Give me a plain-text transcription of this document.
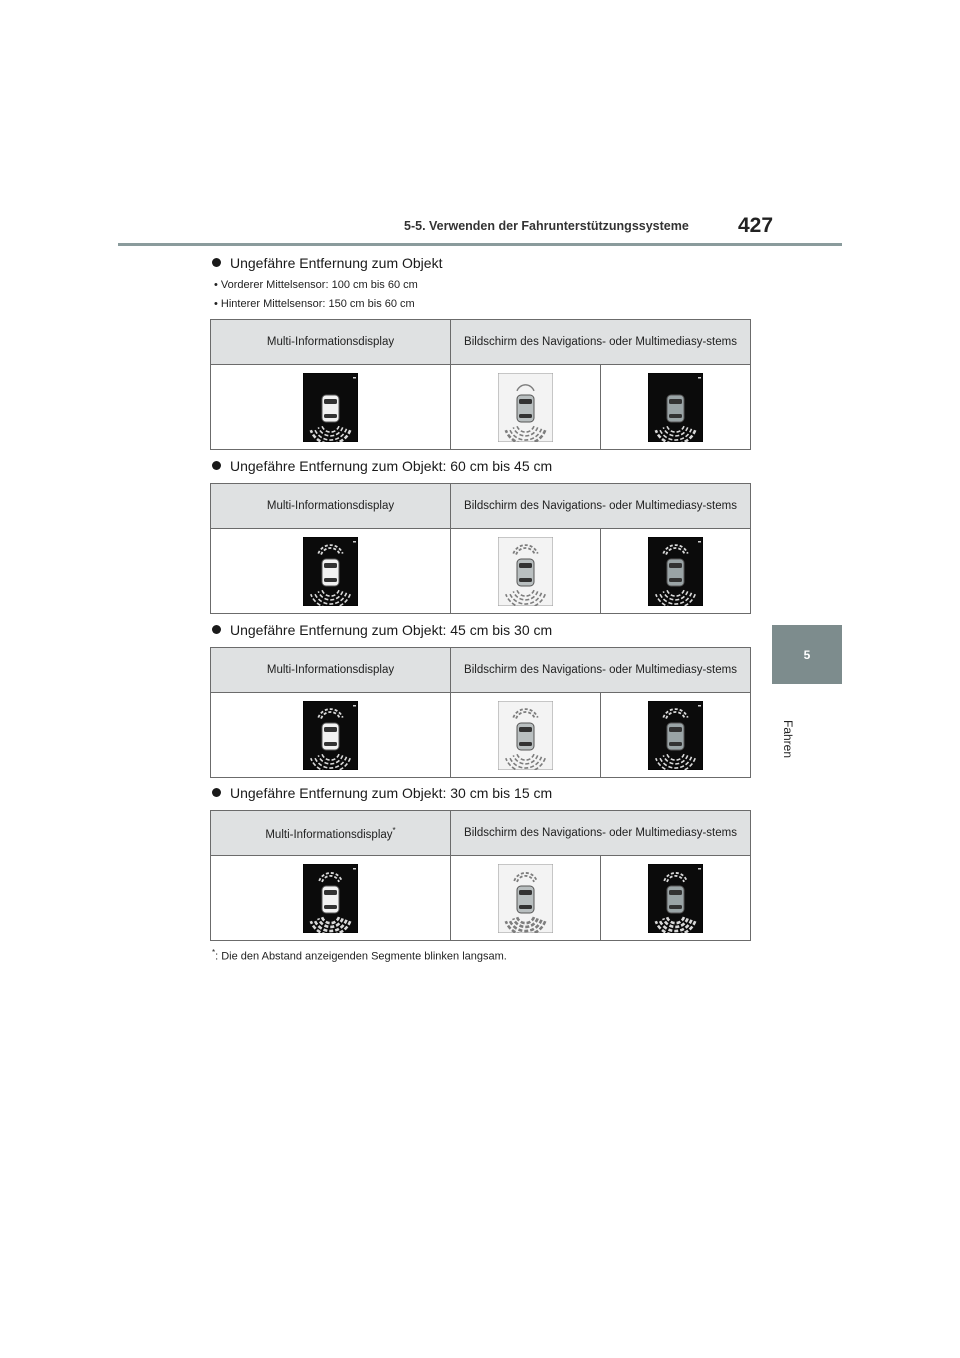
5-5. Verwenden der Fahrunterstützungssysteme 427
5
Fahren
Ungefähre Entfernung zum Objekt
• Vorderer Mittelsensor: 100 cm bis 60 cm
• Hinterer Mittelsensor: 150 cm bis 60 cm
Multi-Informationsdisplay	Bildschirm des Navigations- oder Multimediasy-stems	

Ungefähre Entfernung zum Objekt: 60 cm bis 45 cm
Multi-Informationsdisplay	Bildschirm des Navigations- oder Multimediasy-stems	

Ungefähre Entfernung zum Objekt: 45 cm bis 30 cm
Multi-Informationsdisplay	Bildschirm des Navigations- oder Multimediasy-stems	

Ungefähre Entfernung zum Objekt: 30 cm bis 15 cm
Multi-Informationsdisplay*	Bildschirm des Navigations- oder Multimediasy-stems	

*: Die den Abstand anzeigenden Segmente blinken langsam.
